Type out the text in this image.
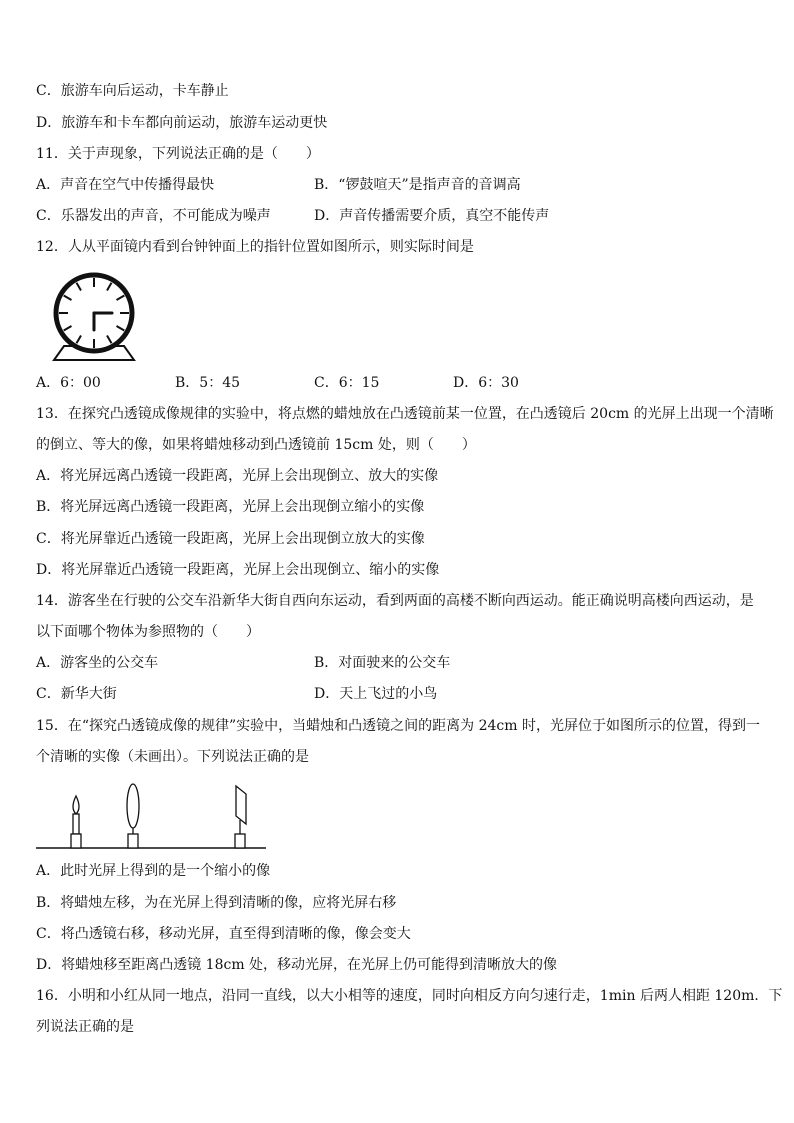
C．旅游车向后运动，卡车静止
D．旅游车和卡车都向前运动，旅游车运动更快
11．关于声现象，下列说法正确的是（　　）
A．声音在空气中传播得最快	B．“锣鼓喧天”是指声音的音调高
C．乐器发出的声音，不可能成为噪声	D．声音传播需要介质，真空不能传声
12．人从平面镜内看到台钟钟面上的指针位置如图所示，则实际时间是
A．6：00	B．5：45	C．6：15	D．6：30
13．在探究凸透镜成像规律的实验中，将点燃的蜡烛放在凸透镜前某一位置，在凸透镜后 20cm 的光屏上出现一个清晰
的倒立、等大的像，如果将蜡烛移动到凸透镜前 15cm 处，则（　　）
A．将光屏远离凸透镜一段距离，光屏上会出现倒立、放大的实像
B．将光屏远离凸透镜一段距离，光屏上会出现倒立缩小的实像
C．将光屏靠近凸透镜一段距离，光屏上会出现倒立放大的实像
D．将光屏靠近凸透镜一段距离，光屏上会出现倒立、缩小的实像
14．游客坐在行驶的公交车沿新华大街自西向东运动，看到两面的高楼不断向西运动。能正确说明高楼向西运动，是
以下面哪个物体为参照物的（　　）
A．游客坐的公交车	B．对面驶来的公交车
C．新华大街	D．天上飞过的小鸟
15．在“探究凸透镜成像的规律”实验中，当蜡烛和凸透镜之间的距离为 24cm 时，光屏位于如图所示的位置，得到一
个清晰的实像（未画出）。下列说法正确的是
A．此时光屏上得到的是一个缩小的像
B．将蜡烛左移，为在光屏上得到清晰的像，应将光屏右移
C．将凸透镜右移，移动光屏，直至得到清晰的像，像会变大
D．将蜡烛移至距离凸透镜 18cm 处，移动光屏，在光屏上仍可能得到清晰放大的像
16．小明和小红从同一地点，沿同一直线，以大小相等的速度，同时向相反方向匀速行走，1min 后两人相距 120m．下
列说法正确的是
